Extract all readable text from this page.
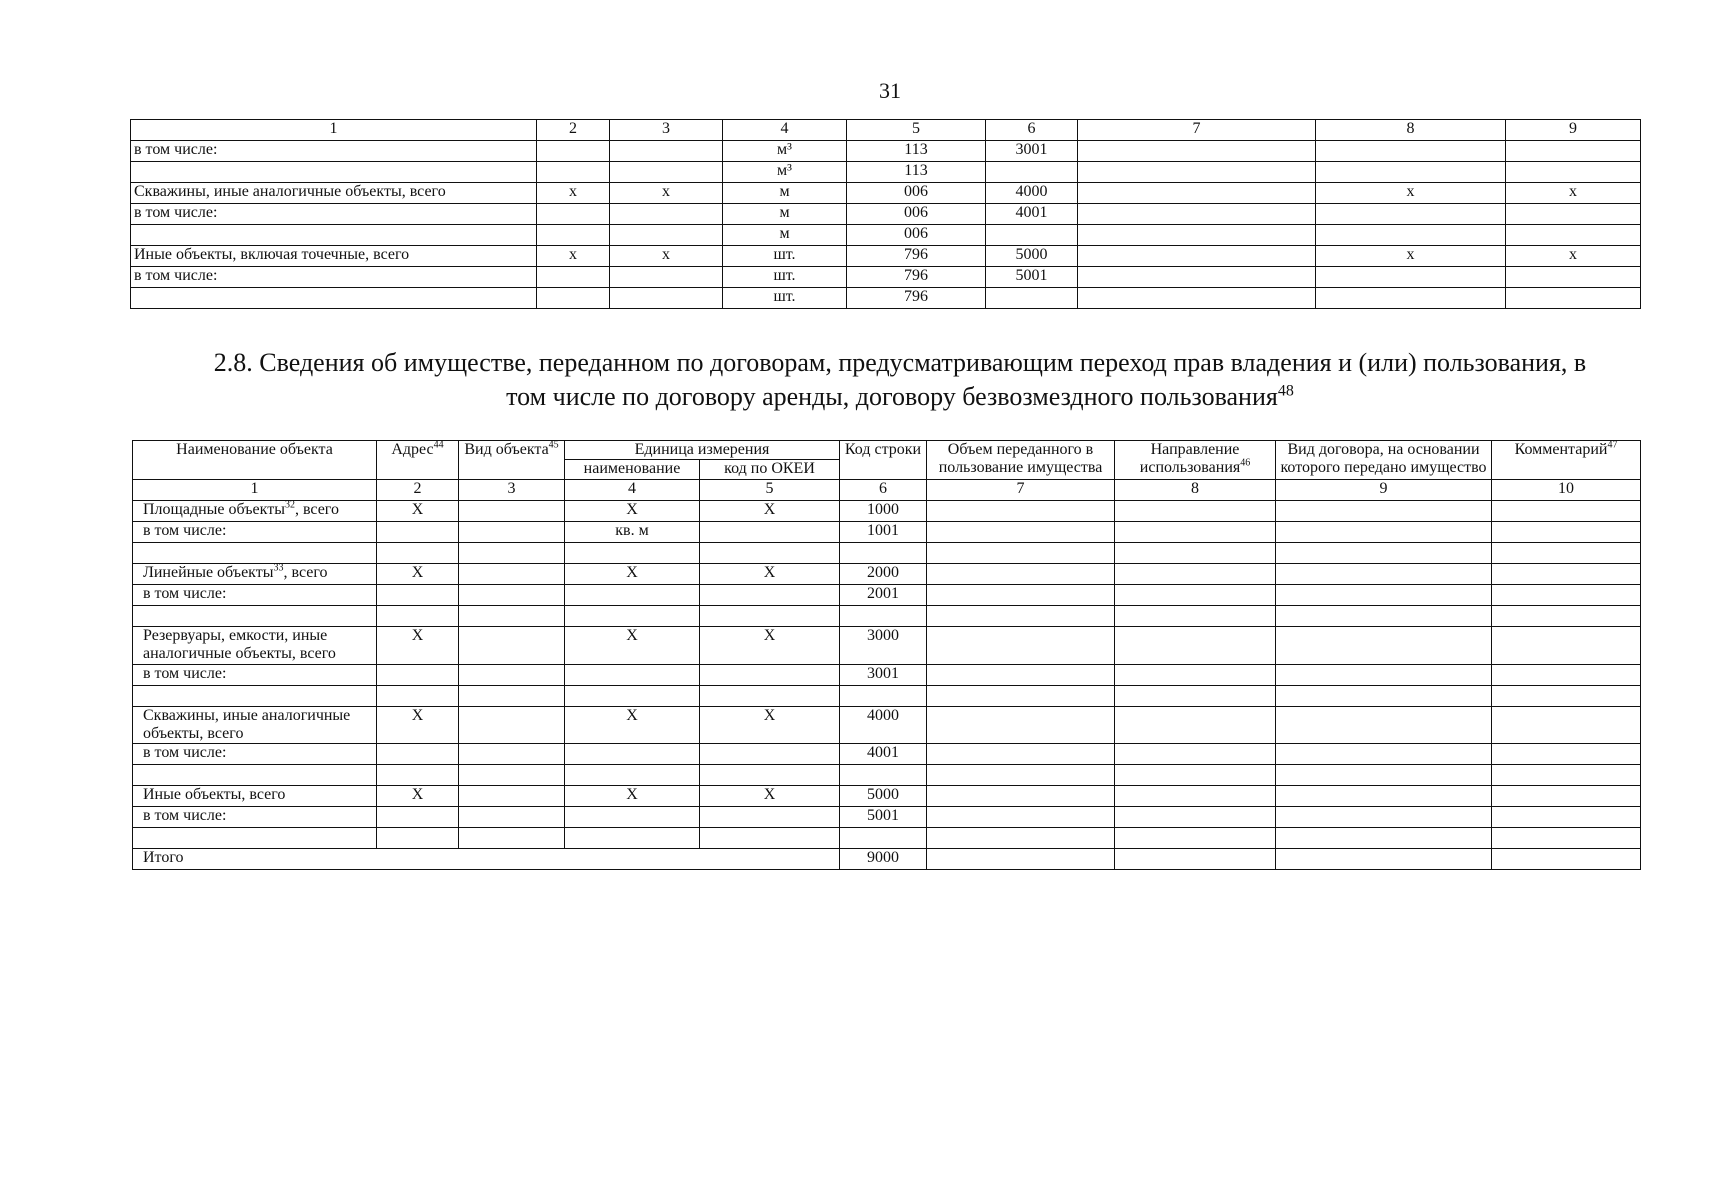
31
1	2	3	4	5	6	7	8	9
в том числе:			м³	113	3001			
			м³	113				
Скважины, иные аналогичные объекты, всего	x	x	м	006	4000		x	x
в том числе:			м	006	4001			
			м	006				
Иные объекты, включая точечные, всего	x	x	шт.	796	5000		x	x
в том числе:			шт.	796	5001			
			шт.	796				
2.8. Сведения об имуществе, переданном по договорам, предусматривающим переход прав владения и (или) пользования, в том числе по договору аренды, договору безвозмездного пользования$^{48}$
Наименование объекта	Адрес$^{44}$	Вид объекта$^{45}$	Единица измерения		Код строки	Объем переданного в пользование имущества	Направление использования$^{46}$	Вид договора, на основании которого передано имущество	Комментарий$^{47}$
			наименование	код по ОКЕИ					
1	2	3	4	5	6	7	8	9	10
Площадные объекты$^{32}$, всего	X		X	X	1000				
в том числе:			кв. м		1001				

Линейные объекты$^{33}$, всего	X		X	X	2000				
в том числе:					2001				

Резервуары, емкости, иные аналогичные объекты, всего	X		X	X	3000				
в том числе:					3001				

Скважины, иные аналогичные объекты, всего	X		X	X	4000				
в том числе:					4001				

Иные объекты, всего	X		X	X	5000				
в том числе:					5001				

Итого					9000				
